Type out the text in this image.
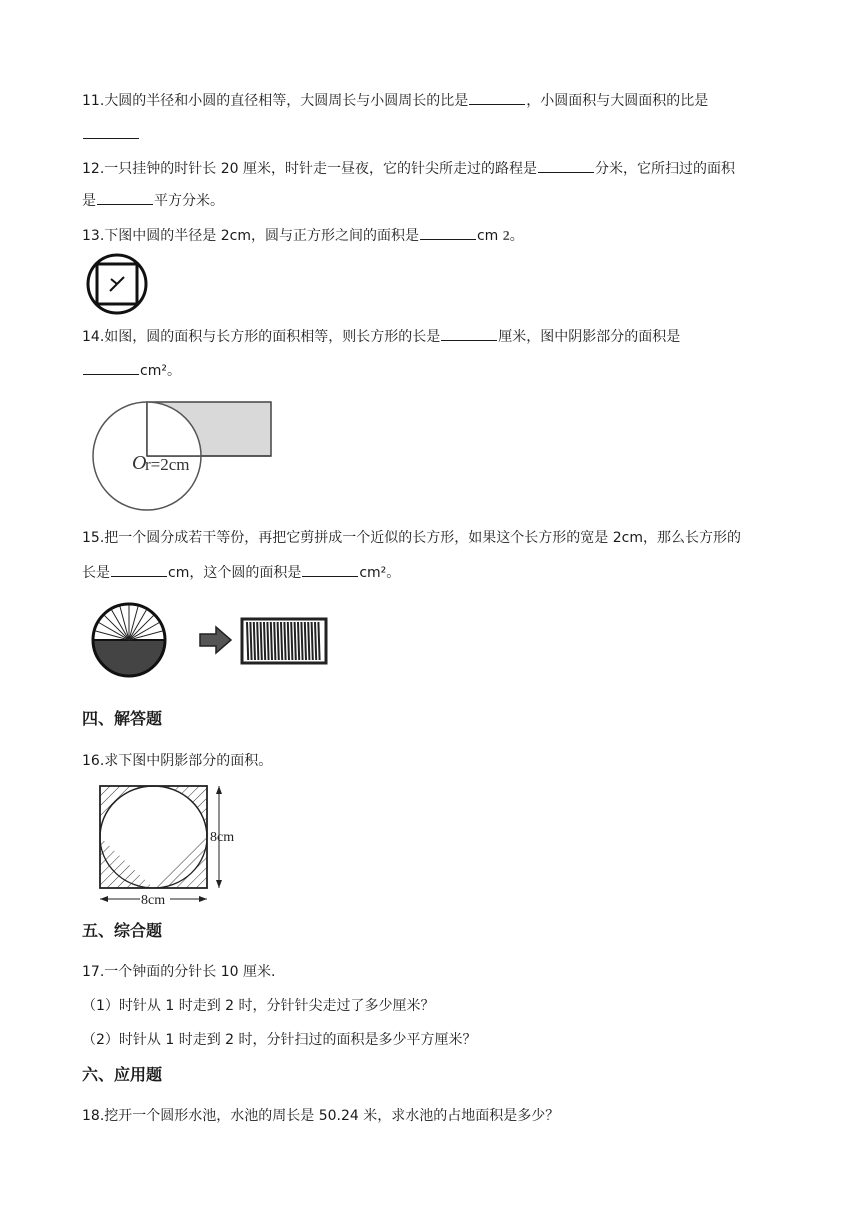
11.大圆的半径和小圆的直径相等，大圆周长与小圆周长的比是	，小圆面积与大圆面积的比是
12.一只挂钟的时针长 20 厘米，时针走一昼夜，它的针尖所走过的路程是	分米，它所扫过的面积
是	平方分米。
13.下图中圆的半径是 2cm，圆与正方形之间的面积是	cm 2。
14.如图，圆的面积与长方形的面积相等，则长方形的长是	厘米，图中阴影部分的面积是
cm²。
O
r=2cm
15.把一个圆分成若干等份，再把它剪拼成一个近似的长方形，如果这个长方形的宽是 2cm，那么长方形的
长是	cm，这个圆的面积是	cm²。
四、解答题
16.求下图中阴影部分的面积。
8cm
8cm
五、综合题
17.一个钟面的分针长 10 厘米.
（1）时针从 1 时走到 2 时，分针针尖走过了多少厘米？
（2）时针从 1 时走到 2 时，分针扫过的面积是多少平方厘米？
六、应用题
18.挖开一个圆形水池，水池的周长是 50.24 米，求水池的占地面积是多少？
